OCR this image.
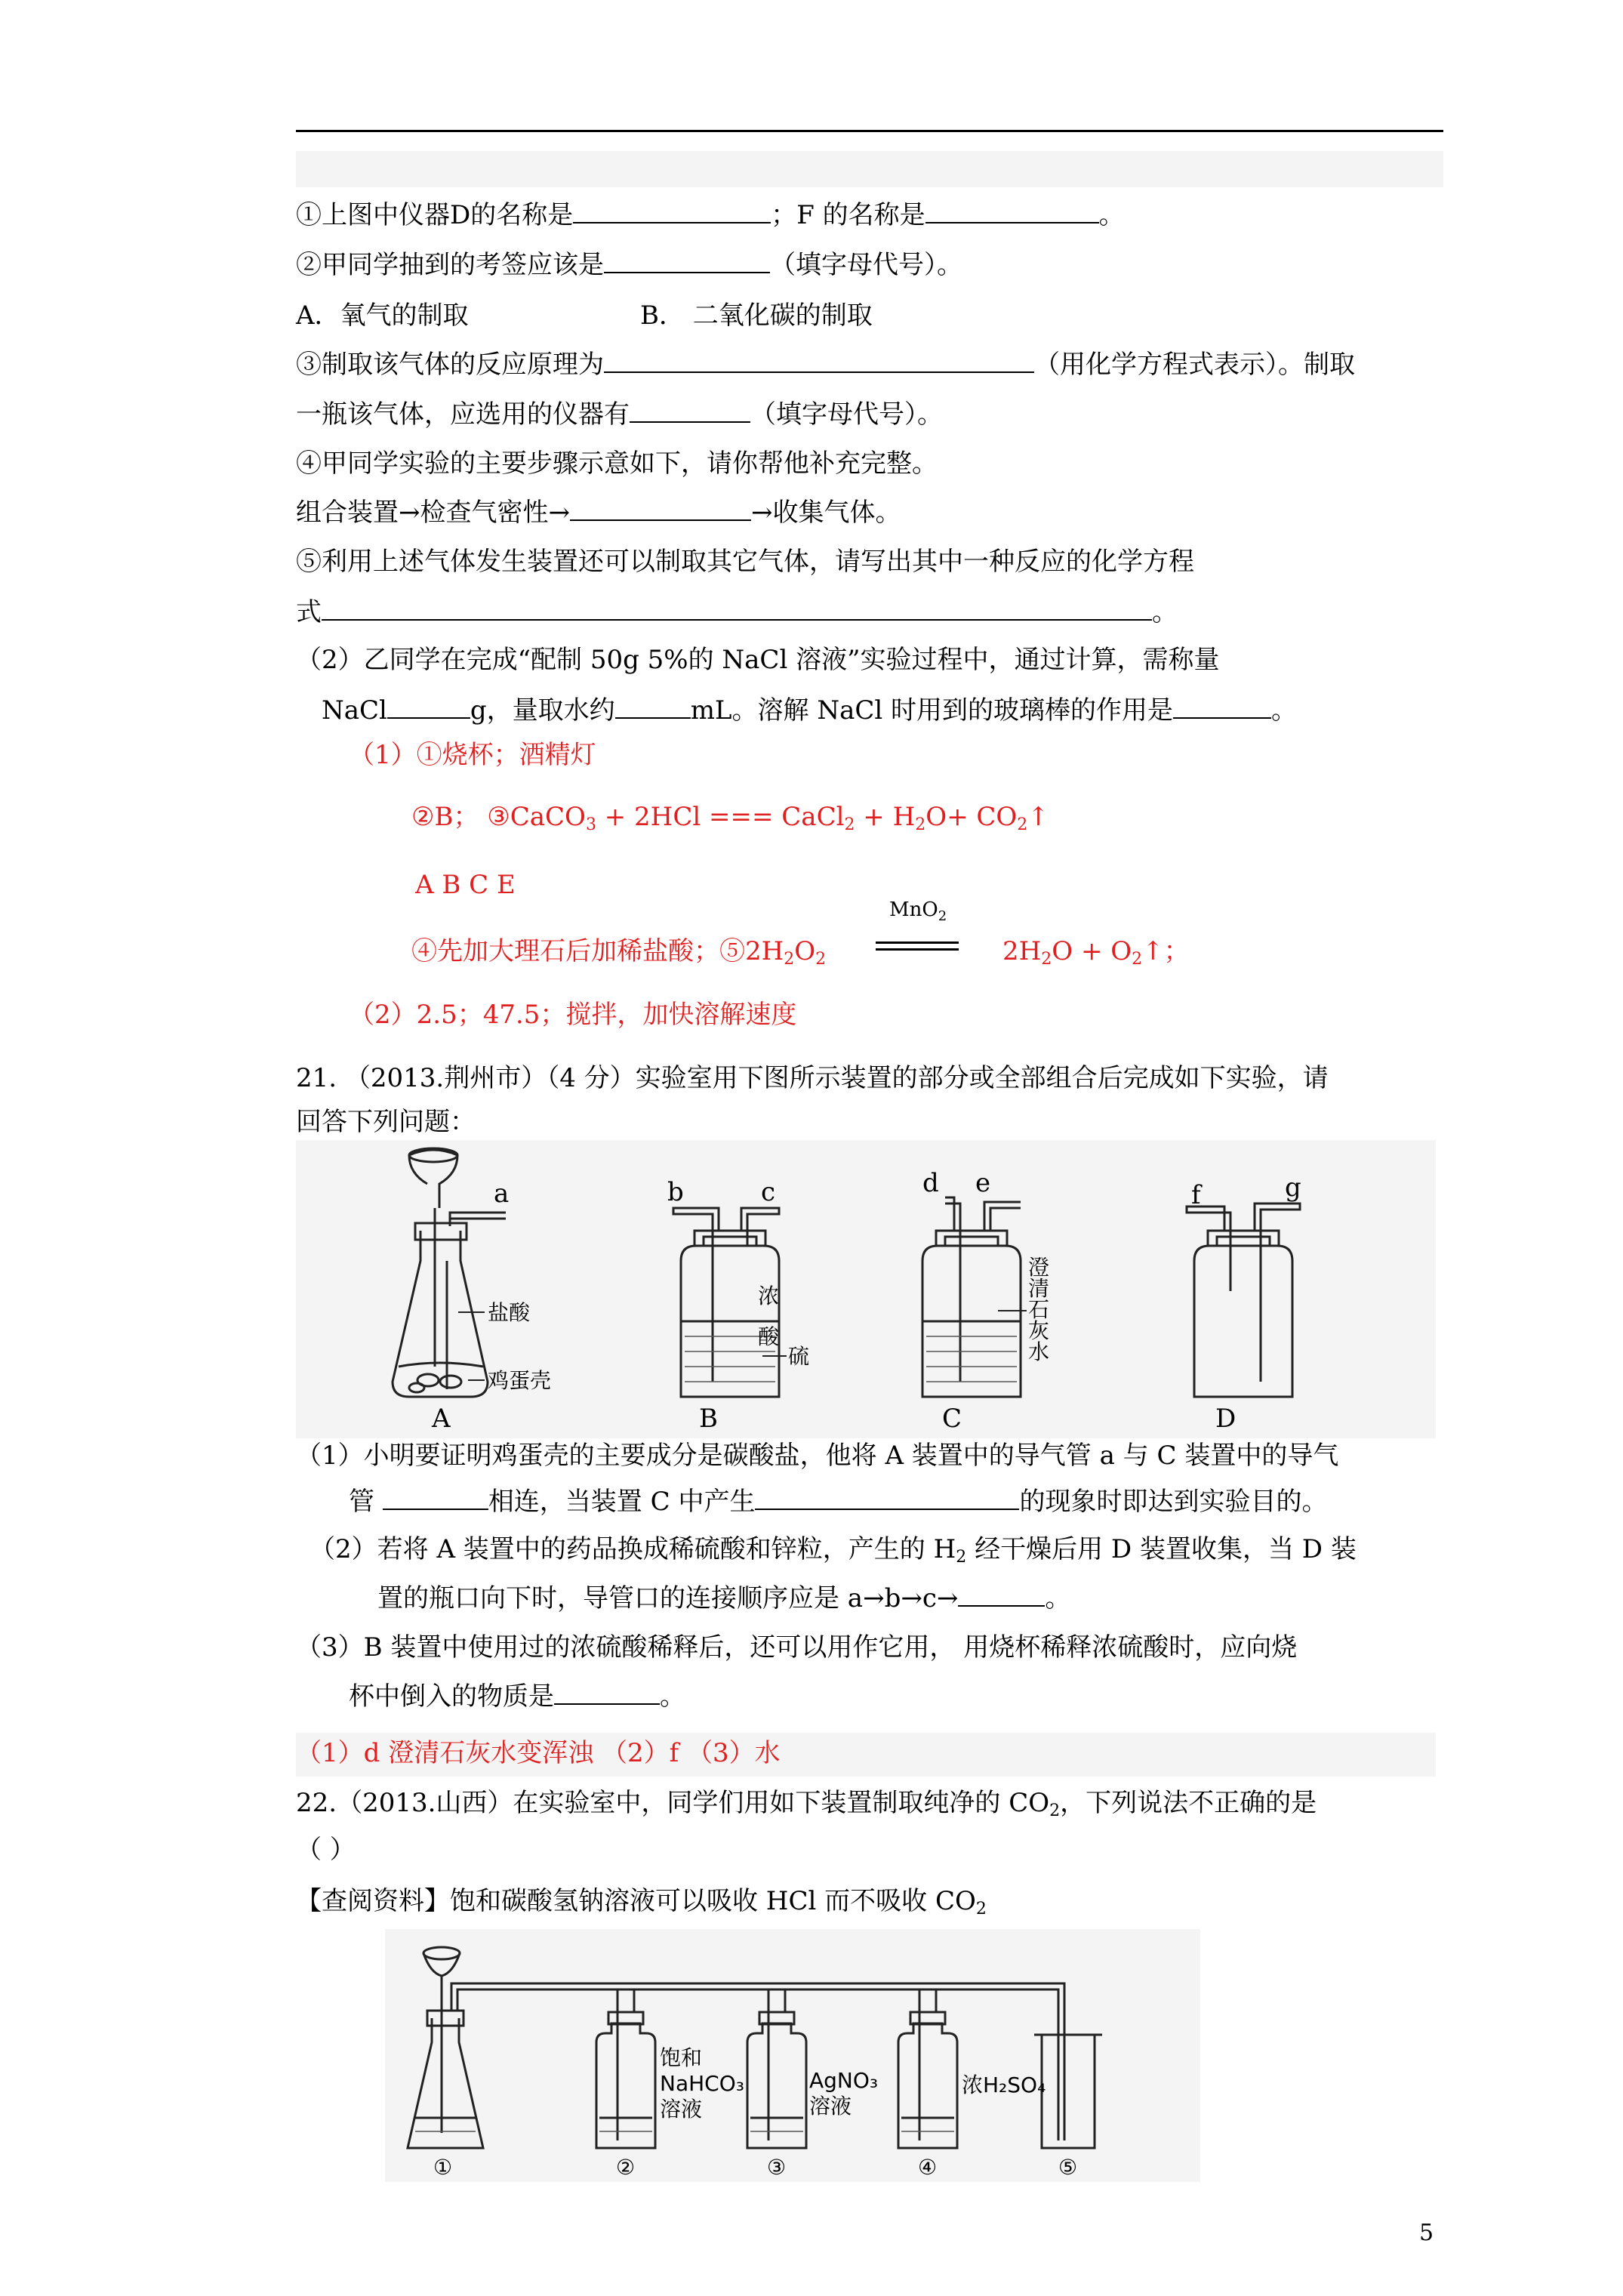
①上图中仪器D的名称是	；F 的名称是	。
②甲同学抽到的考签应该是	（填字母代号）。
A．氧气的制取	B． 二氧化碳的制取
③制取该气体的反应原理为	（用化学方程式表示）。制取
一瓶该气体，应选用的仪器有	（填字母代号）。
④甲同学实验的主要步骤示意如下，请你帮他补充完整。
组合装置→检查气密性→	→收集气体。
⑤利用上述气体发生装置还可以制取其它气体，请写出其中一种反应的化学方程
式	。
（2）乙同学在完成“配制 50g 5%的 NaCl 溶液”实验过程中，通过计算，需称量
NaCl	g，量取水约	mL。溶解 NaCl 时用到的玻璃棒的作用是	。
（1）①烧杯；酒精灯
②B； ③CaCO$_3$ + 2HCl === CaCl$_2$ + $H_2O+$ $CO_2↑$
A B C E
④先加大理石后加稀盐酸；$⑤2H_2O_2$
MnO$_2$
$2H_2O$ + $O_2↑$；
（2）2.5；47.5；搅拌，加快溶解速度
21. （2013.荆州市）（4 分）实验室用下图所示装置的部分或全部组合后完成如下实验，请
回答下列问题：
a	b	c	d e	f	g
A	B	C	D
盐酸
鸡蛋壳
浓
硫
酸
澄
清
石
灰
水
（1）小明要证明鸡蛋壳的主要成分是碳酸盐，他将 A 装置中的导气管 a 与 C 装置中的导气
管	相连，当装置 C 中产生	的现象时即达到实验目的。
（2）若将 A 装置中的药品换成稀硫酸和锌粒，产生的 $H_2$ 经干燥后用 D 装置收集，当 D 装
置的瓶口向下时，导管口的连接顺序应是 a→b→c→	。
（3）B 装置中使用过的浓硫酸稀释后，还可以用作它用， 用烧杯稀释浓硫酸时，应向烧
杯中倒入的物质是	。
（1）d 澄清石灰水变浑浊 （2）f （3）水
22.（2013.山西）在实验室中，同学们用如下装置制取纯净的 $CO_2$，下列说法不正确的是
（ ）
【查阅资料】饱和碳酸氢钠溶液可以吸收 HCl 而不吸收 $CO_2$
饱和
NaHCO₃
溶液
AgNO₃
溶液
浓H₂SO₄
①	②	③	④	⑤
5
